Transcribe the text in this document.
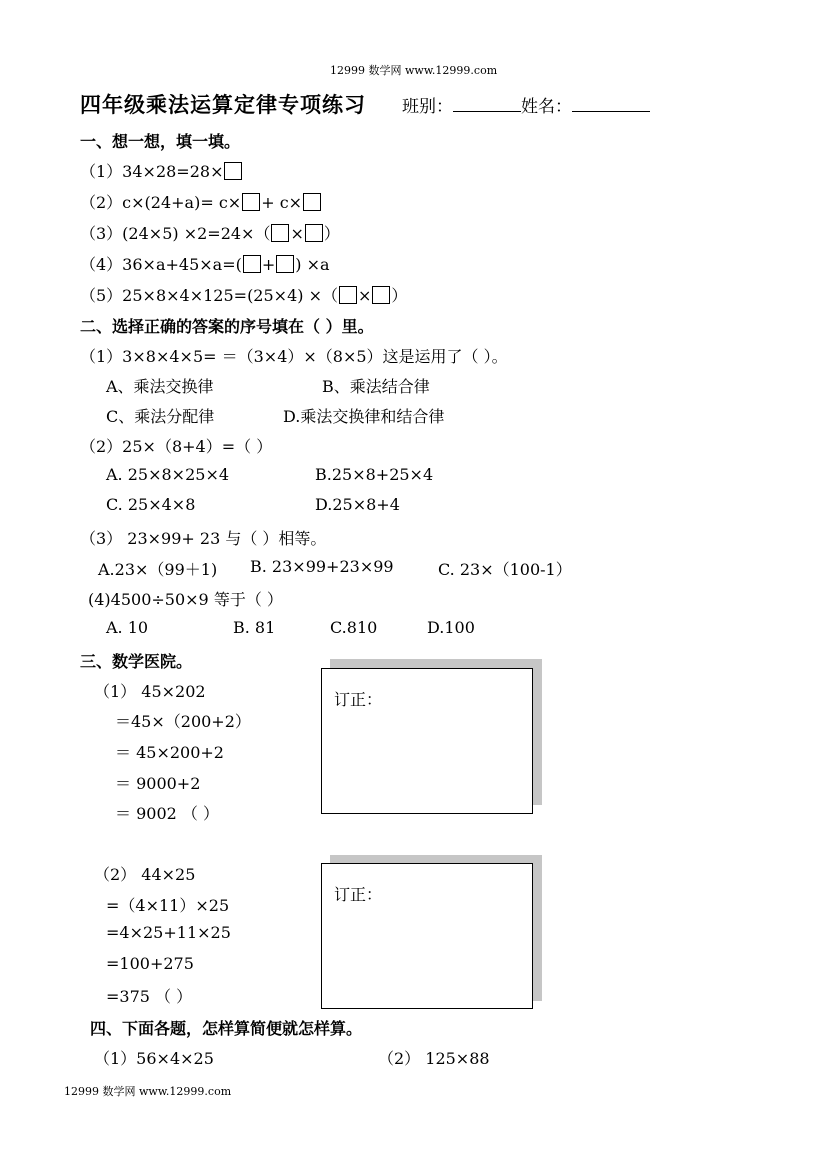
12999 数学网 www.12999.com
四年级乘法运算定律专项练习 班别：	姓名：
一、想一想，填一填。
（1）34×28=28×
（2）c×(24+a)= c× + c×
（3）(24×5) ×2=24×（ × ）
（4）36×a+45×a=( + ) ×a
（5）25×8×4×125=(25×4) ×（ × ）
二、选择正确的答案的序号填在（ ）里。
（1）3×8×4×5= ＝（3×4）×（8×5）这是运用了（ ）。
A、乘法交换律	B、乘法结合律
C、乘法分配律	D.乘法交换律和结合律
（2）25×（8+4）=（ ）
A. 25×8×25×4	B.25×8+25×4
C. 25×4×8	D.25×8+4
（3） 23×99+ 23 与（ ）相等。
A.23×（99＋1) B. 23×99+23×99	C. 23×（100-1）
(4)4500÷50×9 等于（ ）
A. 10	B. 81	C.810	D.100
三、数学医院。
（1） 45×202
＝45×（200+2）
＝ 45×200+2
＝ 9000+2
＝ 9002 （ ）
订正：
（2） 44×25
=（4×11）×25
=4×25+11×25
=100+275
=375 （ ）
订正：
四、下面各题，怎样算简便就怎样算。
（1）56×4×25	（2） 125×88
12999 数学网 www.12999.com
